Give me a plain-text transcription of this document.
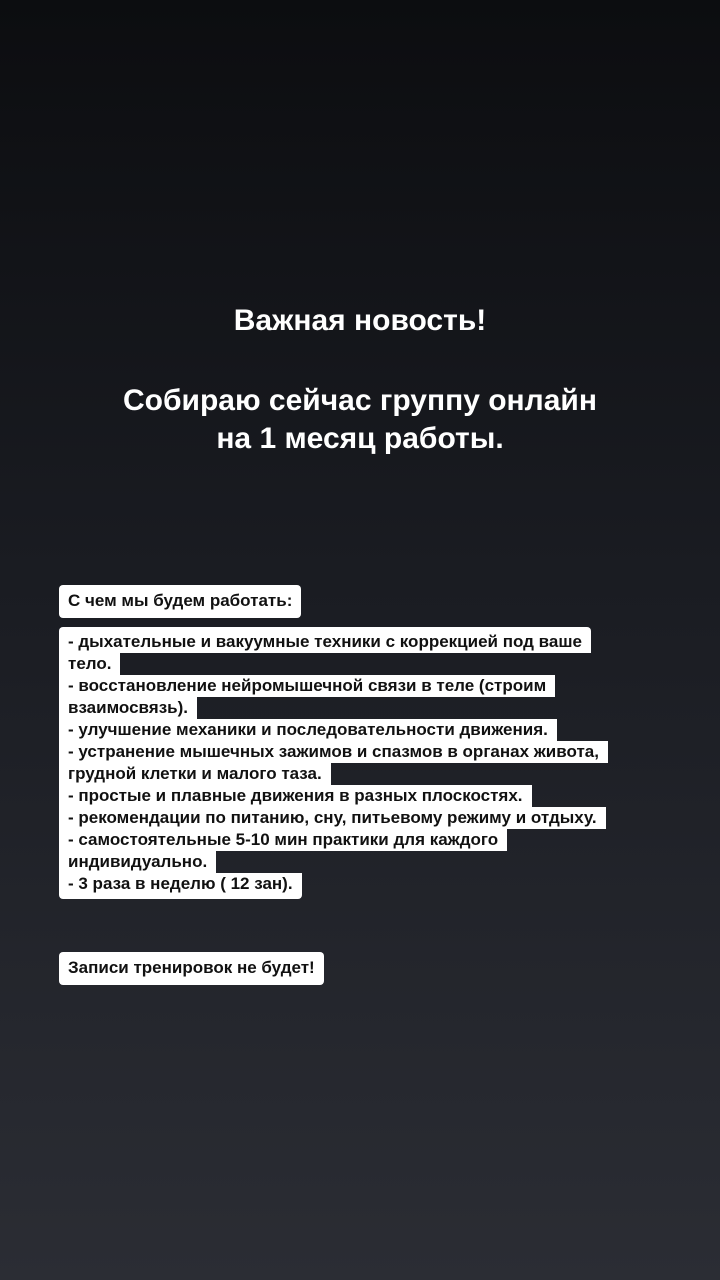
Важная новость!
Собираю сейчас группу онлайн
на 1 месяц работы.
С чем мы будем работать:
- дыхательные и вакуумные техники с коррекцией под ваше
тело.
- восстановление нейромышечной связи в теле (строим
взаимосвязь).
- улучшение механики и последовательности движения.
- устранение мышечных зажимов и спазмов в органах живота,
грудной клетки и малого таза.
- простые и плавные движения в разных плоскостях.
- рекомендации по питанию, сну, питьевому режиму и отдыху.
- самостоятельные 5-10 мин практики для каждого
индивидуально.
- 3 раза в неделю ( 12 зан).
Записи тренировок не будет!
